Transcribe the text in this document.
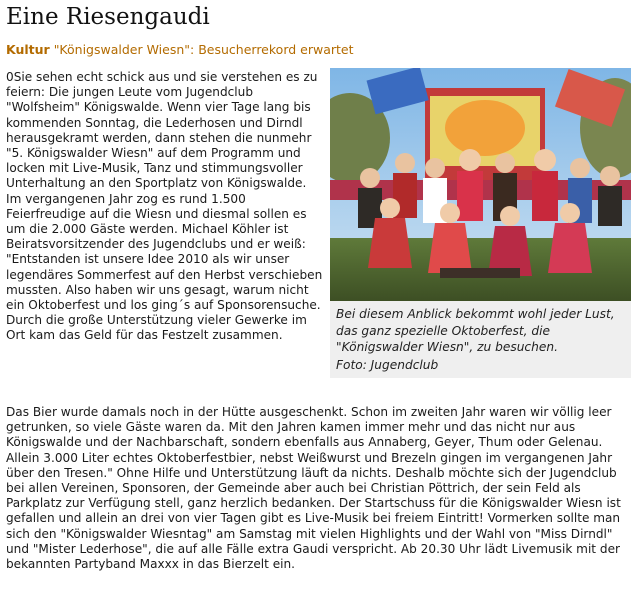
Eine Riesengaudi
Kultur "Königswalder Wiesn": Besucherrekord erwartet
0Sie sehen echt schick aus und sie verstehen es zu feiern: Die jungen Leute vom Jugendclub "Wolfsheim" Königswalde. Wenn vier Tage lang bis kommenden Sonntag, die Lederhosen und Dirndl herausgekramt werden, dann stehen die nunmehr "5. Königswalder Wiesn" auf dem Programm und locken mit Live-Musik, Tanz und stimmungsvoller Unterhaltung an den Sportplatz von Königswalde. Im vergangenen Jahr zog es rund 1.500 Feierfreudige auf die Wiesn und diesmal sollen es um die 2.000 Gäste werden. Michael Köhler ist Beiratsvorsitzender des Jugendclubs und er weiß: "Entstanden ist unsere Idee 2010 als wir unser legendäres Sommerfest auf den Herbst verschieben mussten. Also haben wir uns gesagt, warum nicht ein Oktoberfest und los ging´s auf Sponsorensuche. Durch die große Unterstützung vieler Gewerke im Ort kam das Geld für das Festzelt zusammen.
Bei diesem Anblick bekommt wohl jeder Lust, das ganz spezielle Oktoberfest, die "Königswalder Wiesn", zu besuchen.
Foto: Jugendclub
Das Bier wurde damals noch in der Hütte ausgeschenkt. Schon im zweiten Jahr waren wir völlig leer getrunken, so viele Gäste waren da. Mit den Jahren kamen immer mehr und das nicht nur aus Königswalde und der Nachbarschaft, sondern ebenfalls aus Annaberg, Geyer, Thum oder Gelenau. Allein 3.000 Liter echtes Oktoberfestbier, nebst Weißwurst und Brezeln gingen im vergangenen Jahr über den Tresen." Ohne Hilfe und Unterstützung läuft da nichts. Deshalb möchte sich der Jugendclub bei allen Vereinen, Sponsoren, der Gemeinde aber auch bei Christian Pöttrich, der sein Feld als Parkplatz zur Verfügung stell, ganz herzlich bedanken. Der Startschuss für die Königswalder Wiesn ist gefallen und allein an drei von vier Tagen gibt es Live-Musik bei freiem Eintritt! Vormerken sollte man sich den "Königswalder Wiesntag" am Samstag mit vielen Highlights und der Wahl von "Miss Dirndl" und "Mister Lederhose", die auf alle Fälle extra Gaudi verspricht. Ab 20.30 Uhr lädt Livemusik mit der bekannten Partyband Maxxx in das Bierzelt ein.
